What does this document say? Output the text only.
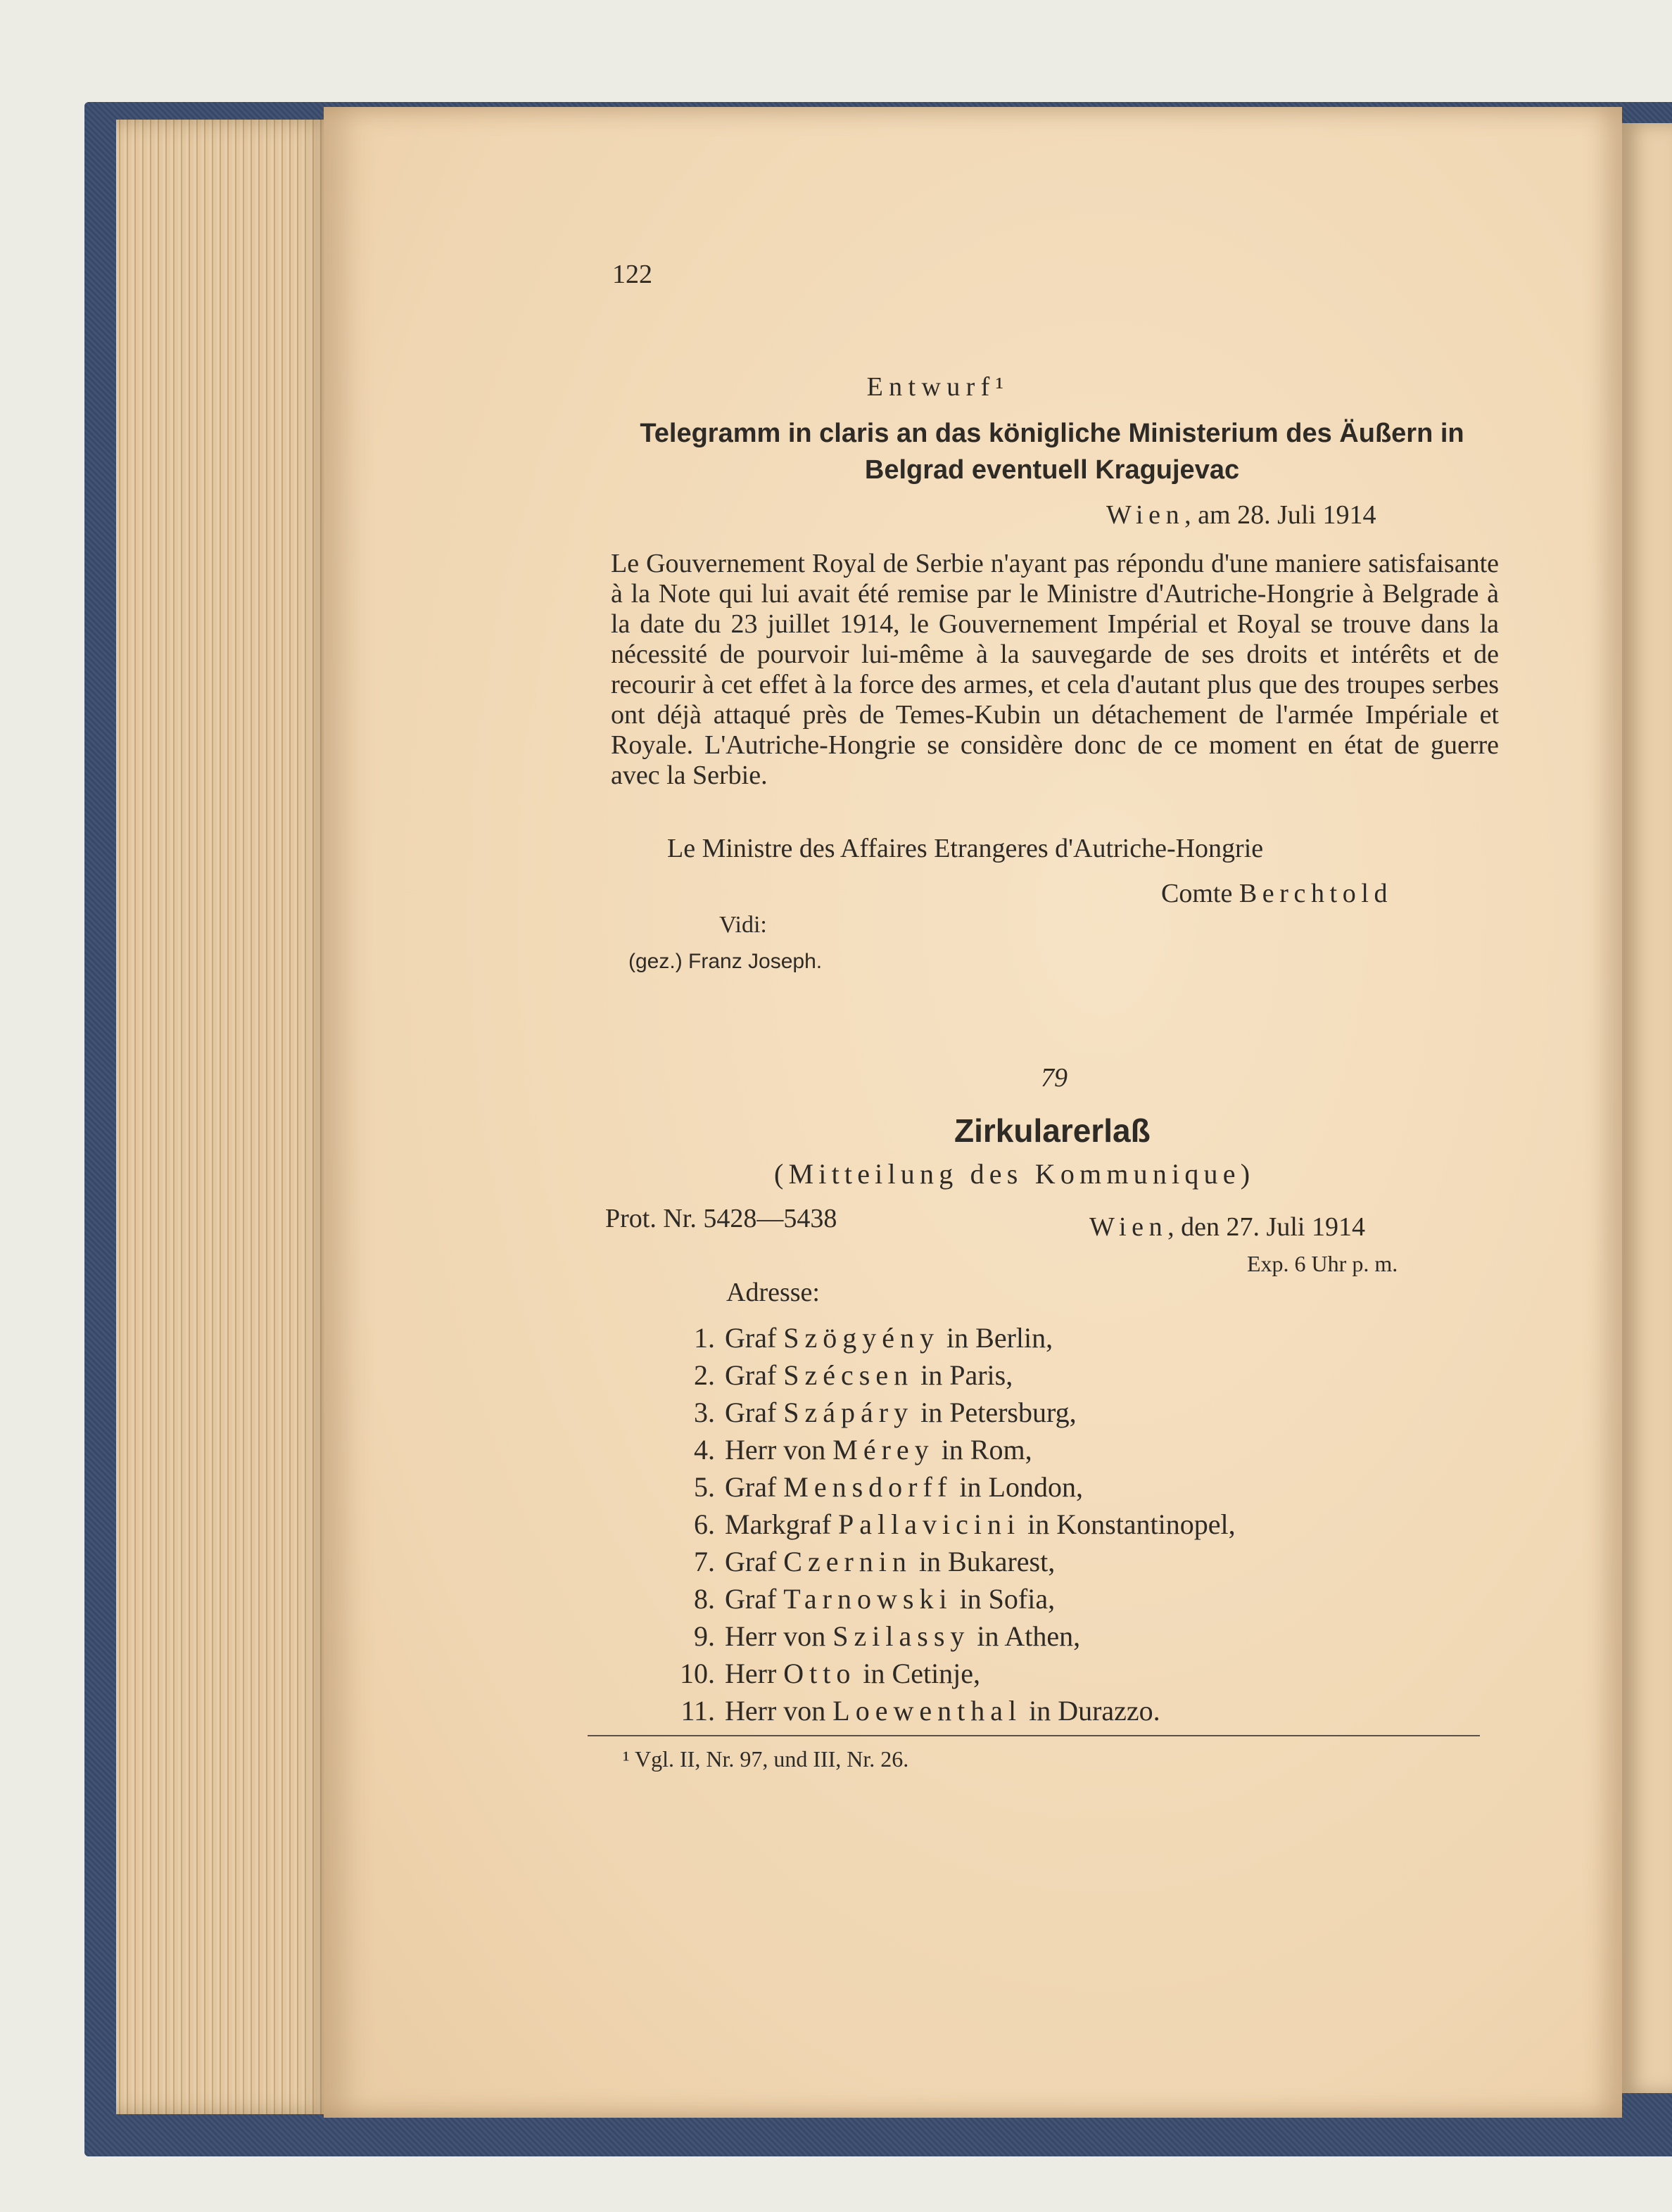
122
Entwurf¹
Telegramm in claris an das königliche Ministerium des Äußern in Belgrad eventuell Kragujevac
Wien, am 28. Juli 1914
Le Gouvernement Royal de Serbie n'ayant pas répondu d'une maniere satisfaisante à la Note qui lui avait été remise par le Ministre d'Autriche-Hongrie à Belgrade à la date du 23 juillet 1914, le Gouvernement Impérial et Royal se trouve dans la nécessité de pourvoir lui-même à la sauvegarde de ses droits et intérêts et de recourir à cet effet à la force des armes, et cela d'autant plus que des troupes serbes ont déjà attaqué près de Temes-Kubin un détachement de l'armée Impériale et Royale. L'Autriche-Hongrie se considère donc de ce moment en état de guerre avec la Serbie.
Le Ministre des Affaires Etrangeres d'Autriche-Hongrie
Comte Berchtold
Vidi:
(gez.) Franz Joseph.
79
Zirkularerlaß
(Mitteilung des Kommunique)
Prot. Nr. 5428—5438	Wien, den 27. Juli 1914
Exp. 6 Uhr p. m.
Adresse:
1. Graf Szögyény in Berlin,
2. Graf Szécsen in Paris,
3. Graf Szápáry in Petersburg,
4. Herr von Mérey in Rom,
5. Graf Mensdorff in London,
6. Markgraf Pallavicini in Konstantinopel,
7. Graf Czernin in Bukarest,
8. Graf Tarnowski in Sofia,
9. Herr von Szilassy in Athen,
10. Herr Otto in Cetinje,
11. Herr von Loewenthal in Durazzo.
¹ Vgl. II, Nr. 97, und III, Nr. 26.
